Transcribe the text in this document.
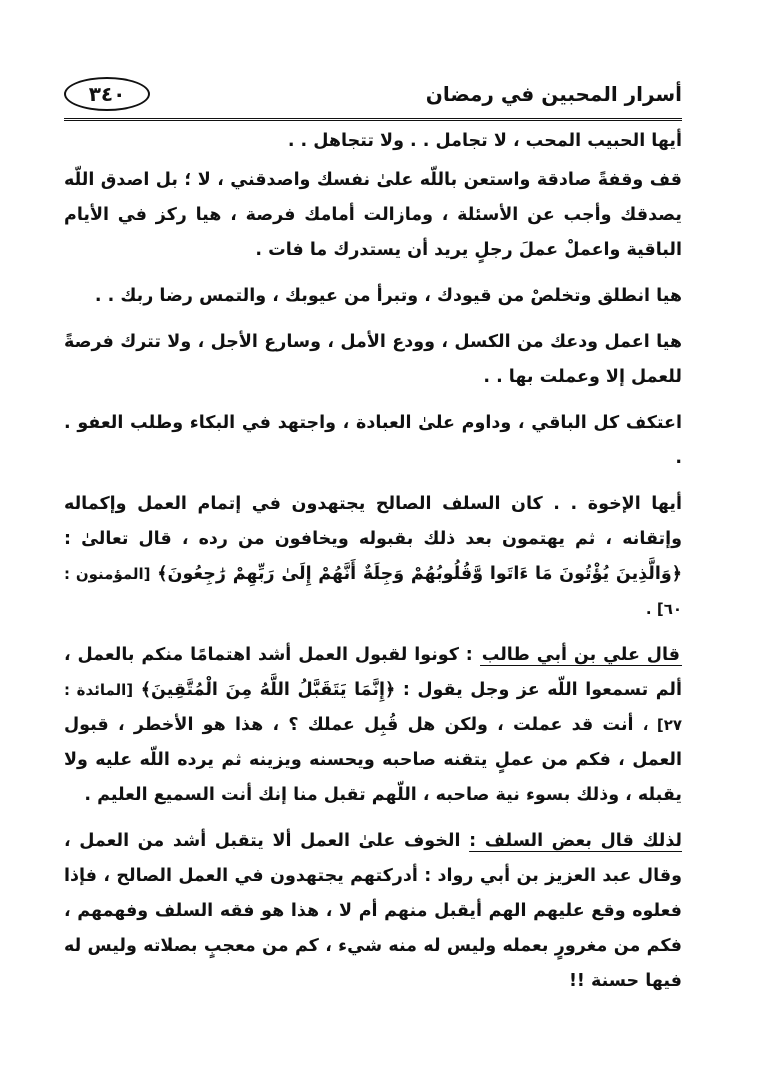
أسرار المحبين في رمضان
٣٤٠

أيها الحبيب المحب ، لا تجامل . . ولا تتجاهل . .

قف وقفةً صادقة واستعن باللّه علىٰ نفسك واصدقني ، لا ؛ بل اصدق اللّه يصدقك وأجب عن الأسئلة ، ومازالت أمامك فرصة ، هيا ركز في الأيام الباقية واعملْ عملَ رجلٍ يريد أن يستدرك ما فات .

هيا انطلق وتخلصْ من قيودك ، وتبرأ من عيوبك ، والتمس رضا ربك . .

هيا اعمل ودعك من الكسل ، وودع الأمل ، وسارع الأجل ، ولا تترك فرصةً للعمل إلا وعملت بها . .

اعتكف كل الباقي ، وداوم علىٰ العبادة ، واجتهد في البكاء وطلب العفو . .

أيها الإخوة . . كان السلف الصالح يجتهدون في إتمام العمل وإكماله وإتقانه ، ثم يهتمون بعد ذلك بقبوله ويخافون من رده ، قال تعالىٰ : ﴿وَالَّذِينَ يُؤْتُونَ مَا ءَاتَوا وَّقُلُوبُهُمْ وَجِلَةٌ أَنَّهُمْ إِلَىٰ رَبِّهِمْ رَٰجِعُونَ﴾ [المؤمنون : ٦٠] .

قال علي بن أبي طالب : كونوا لقبول العمل أشد اهتمامًا منكم بالعمل ، ألم تسمعوا اللّه عز وجل يقول : ﴿إِنَّمَا يَتَقَبَّلُ اللَّهُ مِنَ الْمُتَّقِينَ﴾ [المائدة : ٢٧] ، أنت قد عملت ، ولكن هل قُبِل عملك ؟ ، هذا هو الأخطر ، قبول العمل ، فكم من عملٍ يتقنه صاحبه ويحسنه ويزينه ثم يرده اللّه عليه ولا يقبله ، وذلك بسوء نية صاحبه ، اللّهم تقبل منا إنك أنت السميع العليم .

لذلك قال بعض السلف : الخوف علىٰ العمل ألا يتقبل أشد من العمل ، وقال عبد العزيز بن أبي رواد : أدركتهم يجتهدون في العمل الصالح ، فإذا فعلوه وقع عليهم الهم أيقبل منهم أم لا ، هذا هو فقه السلف وفهمهم ، فكم من مغرورٍ بعمله وليس له منه شيء ، كم من معجبٍ بصلاته وليس له فيها حسنة !!
